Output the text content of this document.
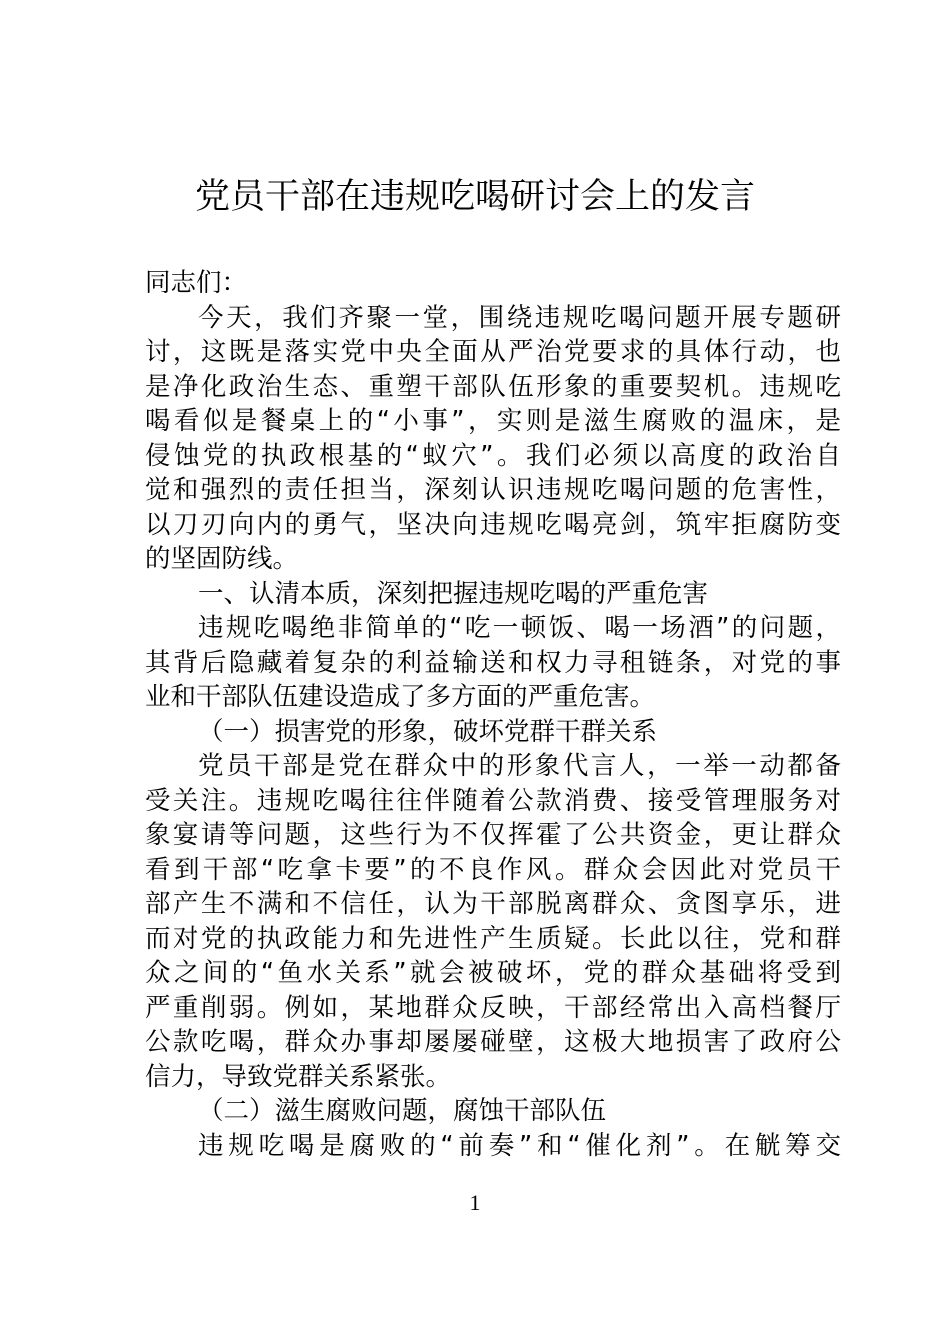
党员干部在违规吃喝研讨会上的发言
同志们：
今天，我们齐聚一堂，围绕违规吃喝问题开展专题研
讨，这既是落实党中央全面从严治党要求的具体行动，也
是净化政治生态、重塑干部队伍形象的重要契机。违规吃
喝看似是餐桌上的“小事”，实则是滋生腐败的温床，是
侵蚀党的执政根基的“蚁穴”。我们必须以高度的政治自
觉和强烈的责任担当，深刻认识违规吃喝问题的危害性，
以刀刃向内的勇气，坚决向违规吃喝亮剑，筑牢拒腐防变
的坚固防线。
一、认清本质，深刻把握违规吃喝的严重危害
违规吃喝绝非简单的“吃一顿饭、喝一场酒”的问题，
其背后隐藏着复杂的利益输送和权力寻租链条，对党的事
业和干部队伍建设造成了多方面的严重危害。
（一）损害党的形象，破坏党群干群关系
党员干部是党在群众中的形象代言人，一举一动都备
受关注。违规吃喝往往伴随着公款消费、接受管理服务对
象宴请等问题，这些行为不仅挥霍了公共资金，更让群众
看到干部“吃拿卡要”的不良作风。群众会因此对党员干
部产生不满和不信任，认为干部脱离群众、贪图享乐，进
而对党的执政能力和先进性产生质疑。长此以往，党和群
众之间的“鱼水关系”就会被破坏，党的群众基础将受到
严重削弱。例如，某地群众反映，干部经常出入高档餐厅
公款吃喝，群众办事却屡屡碰壁，这极大地损害了政府公
信力，导致党群关系紧张。
（二）滋生腐败问题，腐蚀干部队伍
违规吃喝是腐败的“前奏”和“催化剂”。在觥筹交
1
